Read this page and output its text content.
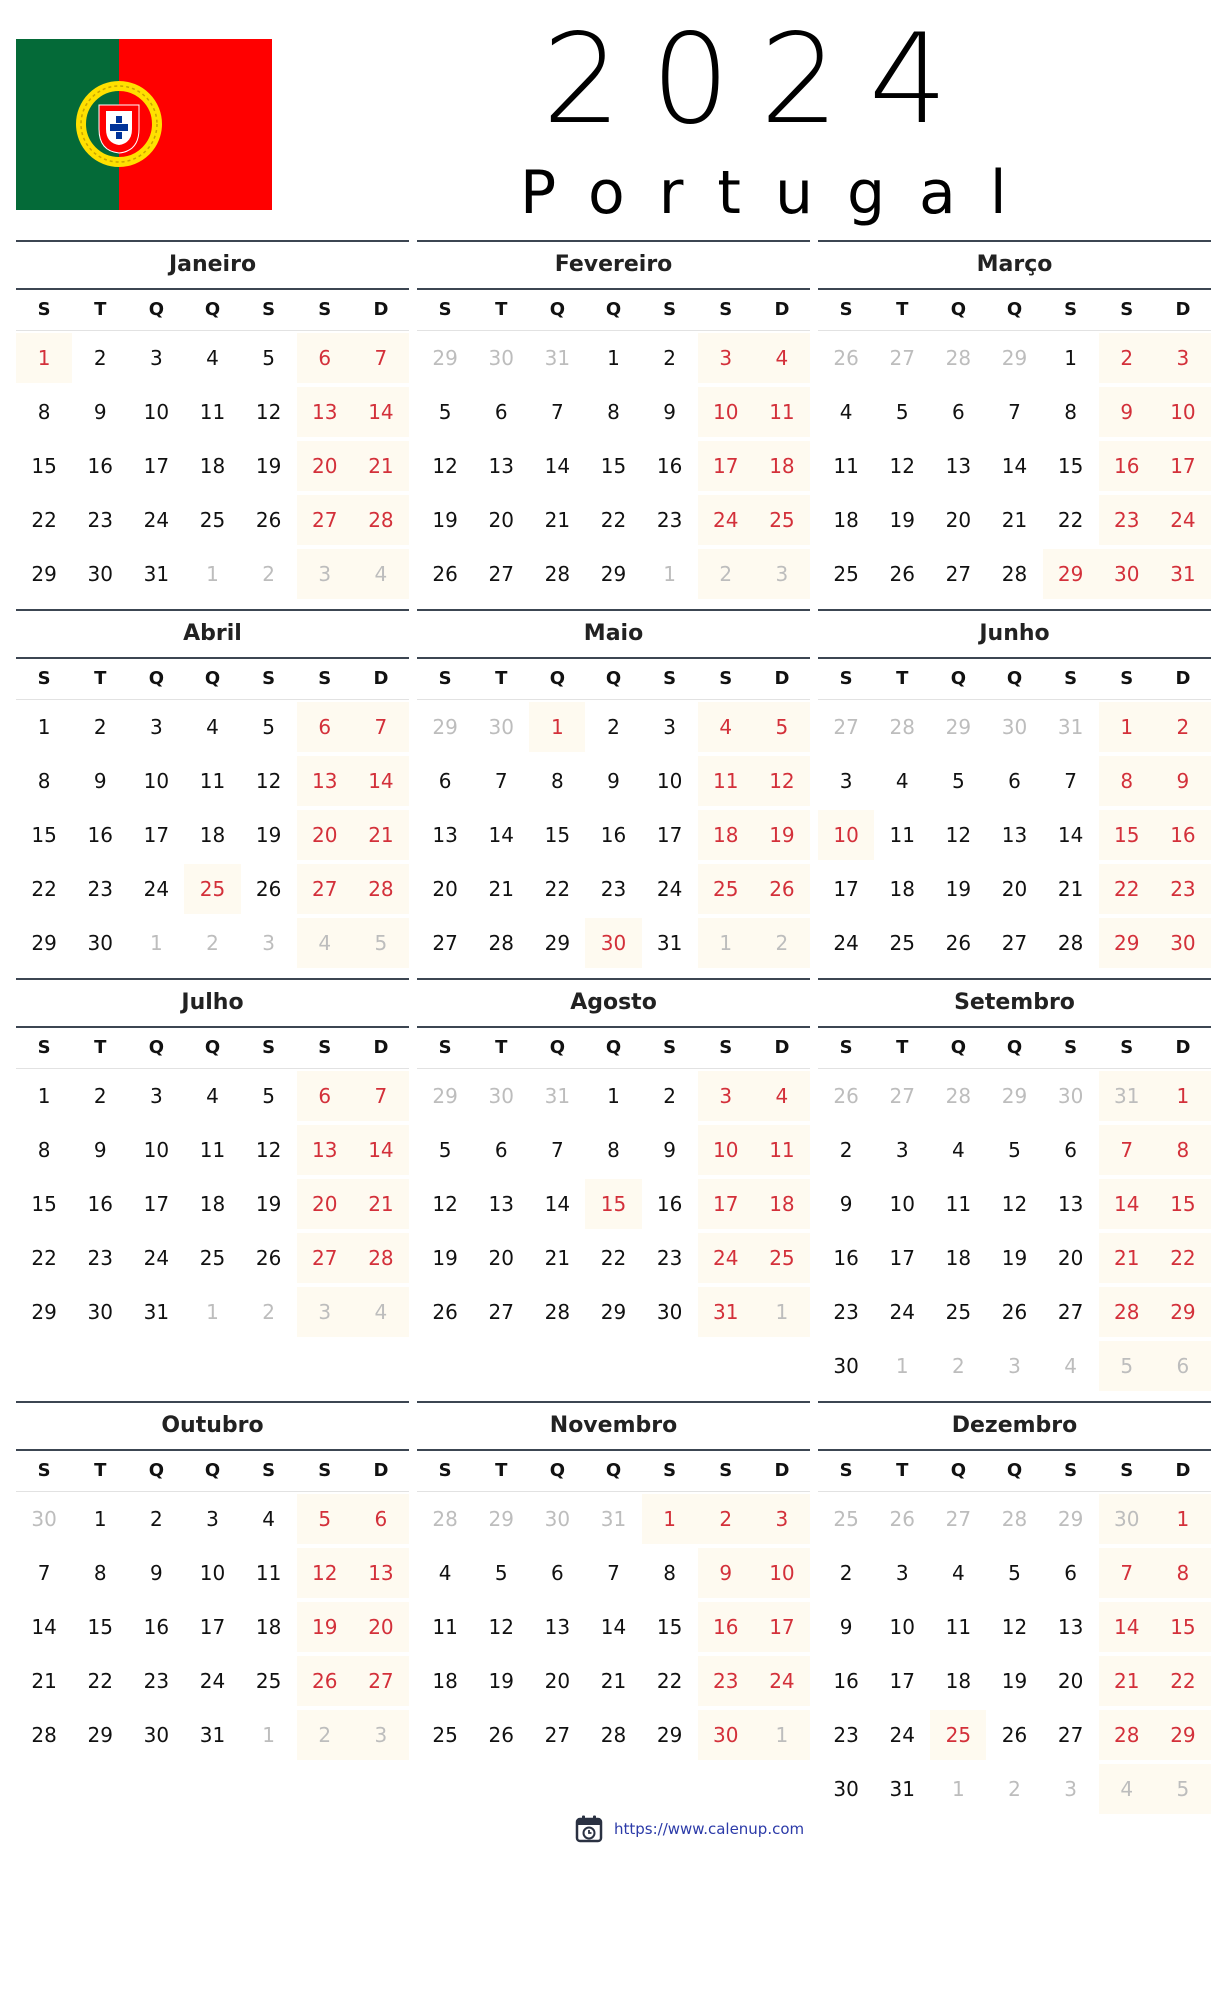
2024
Portugal
Janeiro
S	T	Q	Q	S	S	D
1	2	3	4	5	6	7
8	9	10	11	12	13	14
15	16	17	18	19	20	21
22	23	24	25	26	27	28
29	30	31	1	2	3	4
Fevereiro
S	T	Q	Q	S	S	D
29	30	31	1	2	3	4
5	6	7	8	9	10	11
12	13	14	15	16	17	18
19	20	21	22	23	24	25
26	27	28	29	1	2	3
Março
S	T	Q	Q	S	S	D
26	27	28	29	1	2	3
4	5	6	7	8	9	10
11	12	13	14	15	16	17
18	19	20	21	22	23	24
25	26	27	28	29	30	31
Abril
S	T	Q	Q	S	S	D
1	2	3	4	5	6	7
8	9	10	11	12	13	14
15	16	17	18	19	20	21
22	23	24	25	26	27	28
29	30	1	2	3	4	5
Maio
S	T	Q	Q	S	S	D
29	30	1	2	3	4	5
6	7	8	9	10	11	12
13	14	15	16	17	18	19
20	21	22	23	24	25	26
27	28	29	30	31	1	2
Junho
S	T	Q	Q	S	S	D
27	28	29	30	31	1	2
3	4	5	6	7	8	9
10	11	12	13	14	15	16
17	18	19	20	21	22	23
24	25	26	27	28	29	30
Julho
S	T	Q	Q	S	S	D
1	2	3	4	5	6	7
8	9	10	11	12	13	14
15	16	17	18	19	20	21
22	23	24	25	26	27	28
29	30	31	1	2	3	4
Agosto
S	T	Q	Q	S	S	D
29	30	31	1	2	3	4
5	6	7	8	9	10	11
12	13	14	15	16	17	18
19	20	21	22	23	24	25
26	27	28	29	30	31	1
Setembro
S	T	Q	Q	S	S	D
26	27	28	29	30	31	1
2	3	4	5	6	7	8
9	10	11	12	13	14	15
16	17	18	19	20	21	22
23	24	25	26	27	28	29
30	1	2	3	4	5	6
Outubro
S	T	Q	Q	S	S	D
30	1	2	3	4	5	6
7	8	9	10	11	12	13
14	15	16	17	18	19	20
21	22	23	24	25	26	27
28	29	30	31	1	2	3
Novembro
S	T	Q	Q	S	S	D
28	29	30	31	1	2	3
4	5	6	7	8	9	10
11	12	13	14	15	16	17
18	19	20	21	22	23	24
25	26	27	28	29	30	1
Dezembro
S	T	Q	Q	S	S	D
25	26	27	28	29	30	1
2	3	4	5	6	7	8
9	10	11	12	13	14	15
16	17	18	19	20	21	22
23	24	25	26	27	28	29
30	31	1	2	3	4	5
https://www.calenup.com
